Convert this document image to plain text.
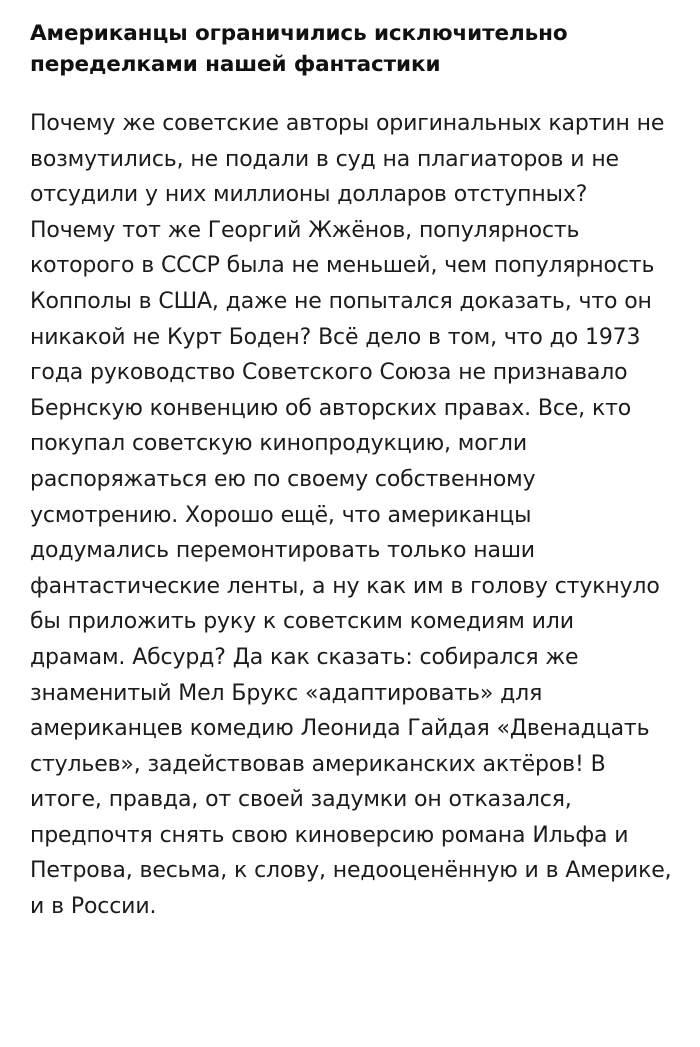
Американцы ограничились исключительно переделками нашей фантастики

Почему же советские авторы оригинальных картин не возмутились, не подали в суд на плагиаторов и не отсудили у них миллионы долларов отступных? Почему тот же Георгий Жжёнов, популярность которого в СССР была не меньшей, чем популярность Копполы в США, даже не попытался доказать, что он никакой не Курт Боден? Всё дело в том, что до 1973 года руководство Советского Союза не признавало Бернскую конвенцию об авторских правах. Все, кто покупал советскую кинопродукцию, могли распоряжаться ею по своему собственному усмотрению. Хорошо ещё, что американцы додумались перемонтировать только наши фантастические ленты, а ну как им в голову стукнуло бы приложить руку к советским комедиям или драмам. Абсурд? Да как сказать: собирался же знаменитый Мел Брукс «адаптировать» для американцев комедию Леонида Гайдая «Двенадцать стульев», задействовав американских актёров! В итоге, правда, от своей задумки он отказался, предпочтя снять свою киноверсию романа Ильфа и Петрова, весьма, к слову, недооценённую и в Америке, и в России.
